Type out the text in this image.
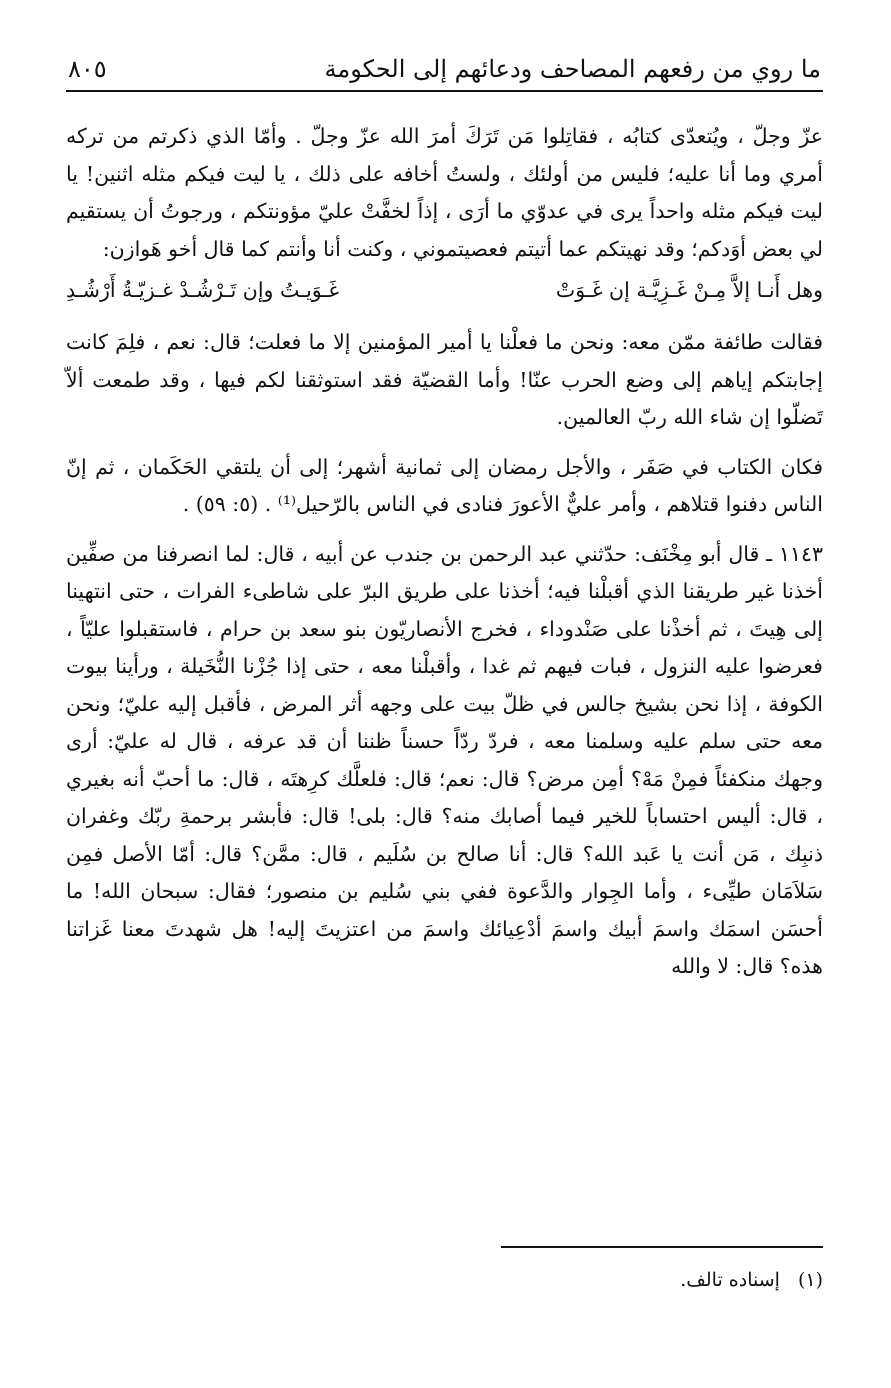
ما روي من رفعهم المصاحف ودعائهم إلى الحكومة
٨٠٥

عزّ وجلّ ، ويُتعدّى كتابُه ، فقاتِلوا مَن تَرَكَ أمرَ الله عزّ وجلّ . وأمّا الذي ذكرتم من تركه أمري وما أنا عليه؛ فليس من أولئك ، ولستُ أخافه على ذلك ، يا ليت فيكم مثله اثنين! يا ليت فيكم مثله واحداً يرى في عدوّي ما أرَى ، إذاً لخفَّتْ عليّ مؤونتكم ، ورجوتُ أن يستقيم لي بعض أوَدكم؛ وقد نهيتكم عما أتيتم فعصيتموني ، وكنت أنا وأنتم كما قال أخو هَوازن:

وهل أَنـا إلاَّ مِـنْ غَـزِيَّـة إن غَـوَتْ
غَـوَيـتُ وإن تَـرْشُـدْ غـزيّـةُ أَرْشُـدِ

فقالت طائفة ممّن معه: ونحن ما فعلْنا يا أمير المؤمنين إلا ما فعلت؛ قال: نعم ، فلِمَ كانت إجابتكم إياهم إلى وضع الحرب عنّا! وأما القضيّة فقد استوثقنا لكم فيها ، وقد طمعت ألاّ تَضلّوا إن شاء الله ربّ العالمين.

فكان الكتاب في صَفَر ، والأجل رمضان إلى ثمانية أشهر؛ إلى أن يلتقي الحَكَمان ، ثم إنّ الناس دفنوا قتلاهم ، وأمر عليٌّ الأعورَ فنادى في الناس بالرّحيل⁽¹⁾ . (٥: ٥٩) .

١١٤٣ ـ قال أبو مِخْنَف: حدّثني عبد الرحمن بن جندب عن أبيه ، قال: لما انصرفنا من صفِّين أخذنا غير طريقنا الذي أقبلْنا فيه؛ أخذنا على طريق البرّ على شاطىء الفرات ، حتى انتهينا إلى هِيتَ ، ثم أخذْنا على صَنْدوداء ، فخرج الأنصاريّون بنو سعد بن حرام ، فاستقبلوا عليّاً ، فعرضوا عليه النزول ، فبات فيهم ثم غدا ، وأقبلْنا معه ، حتى إذا جُزْنا النُّخَيلة ، ورأينا بيوت الكوفة ، إذا نحن بشيخ جالس في ظلّ بيت على وجهه أثر المرض ، فأقبل إليه عليّ؛ ونحن معه حتى سلم عليه وسلمنا معه ، فردّ ردّاً حسناً ظننا أن قد عرفه ، قال له عليّ: أرى وجهك منكفئاً فمِنْ مَهْ؟ أمِن مرض؟ قال: نعم؛ قال: فلعلَّك كرِهتَه ، قال: ما أحبّ أنه بغيري ، قال: أليس احتساباً للخير فيما أصابك منه؟ قال: بلى! قال: فأبشر برحمةِ ربّك وغفران ذنبِك ، مَن أنت يا عَبد الله؟ قال: أنا صالح بن سُلَيم ، قال: ممَّن؟ قال: أمّا الأصل فمِن سَلاَمَان طيِّىء ، وأما الجِوار والدَّعوة ففي بني سُليم بن منصور؛ فقال: سبحان الله! ما أحسَن اسمَك واسمَ أبيك واسمَ أدْعِيائك واسمَ من اعتزيتَ إليه! هل شهدتَ معنا غَزاتنا هذه؟ قال: لا والله

(١)إسناده تالف.
